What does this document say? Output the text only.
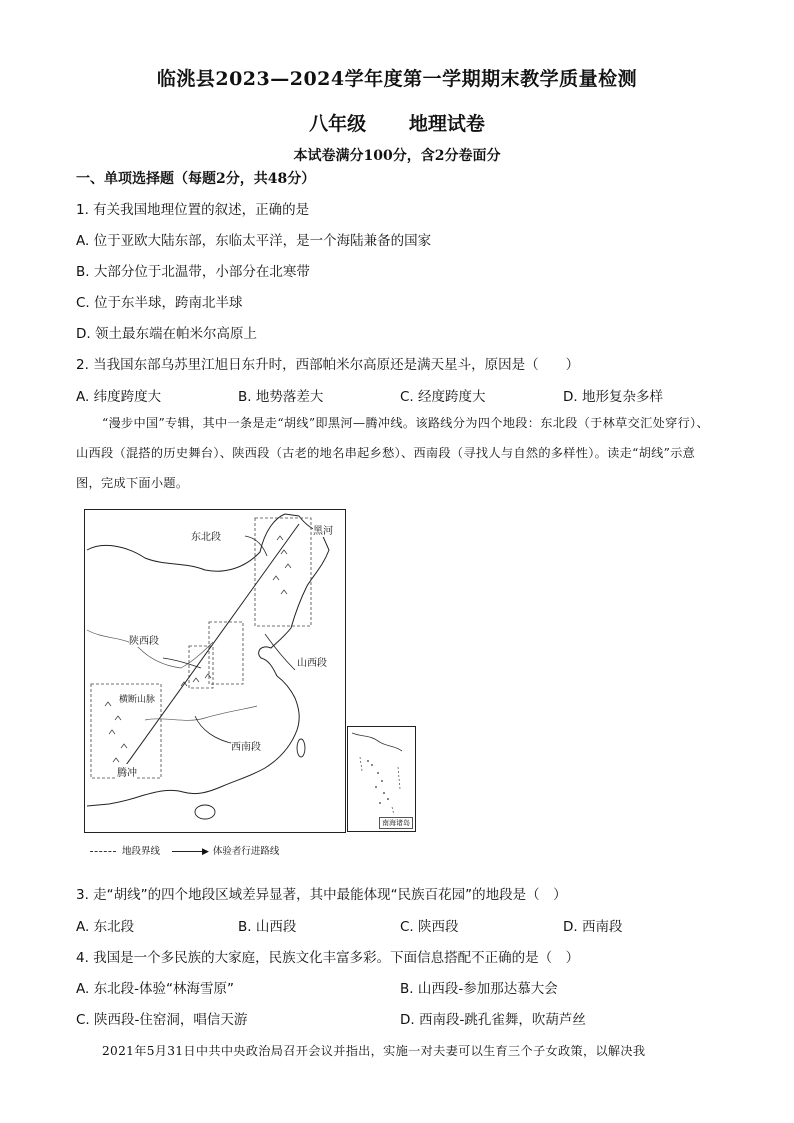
临洮县2023—2024学年度第一学期期末教学质量检测
八年级 地理试卷
本试卷满分100分，含2分卷面分
一、单项选择题（每题2分，共48分）
1. 有关我国地理位置的叙述，正确的是
A. 位于亚欧大陆东部，东临太平洋，是一个海陆兼备的国家
B. 大部分位于北温带，小部分在北寒带
C. 位于东半球，跨南北半球
D. 领土最东端在帕米尔高原上
2. 当我国东部乌苏里江旭日东升时，西部帕米尔高原还是满天星斗，原因是（　　）
A. 纬度跨度大	B. 地势落差大	C. 经度跨度大	D. 地形复杂多样
“漫步中国”专辑，其中一条是走“胡线”即黑河—腾冲线。该路线分为四个地段：东北段（于林草交汇处穿行）、山西段（混搭的历史舞台）、陕西段（古老的地名串起乡愁）、西南段（寻找人与自然的多样性）。读走“胡线”示意图，完成下面小题。
东北段
黑河
陕西段
山西段
横断山脉
西南段
腾冲
南海诸岛
地段界线	▶ 体验者行进路线
3. 走“胡线”的四个地段区域差异显著，其中最能体现“民族百花园”的地段是（　）
A. 东北段	B. 山西段	C. 陕西段	D. 西南段
4. 我国是一个多民族的大家庭，民族文化丰富多彩。下面信息搭配不正确的是（　）
A. 东北段-体验“林海雪原”	B. 山西段-参加那达慕大会
C. 陕西段-住窑洞，唱信天游	D. 西南段-跳孔雀舞，吹葫芦丝
2021年5月31日中共中央政治局召开会议并指出，实施一对夫妻可以生育三个子女政策，以解决我
